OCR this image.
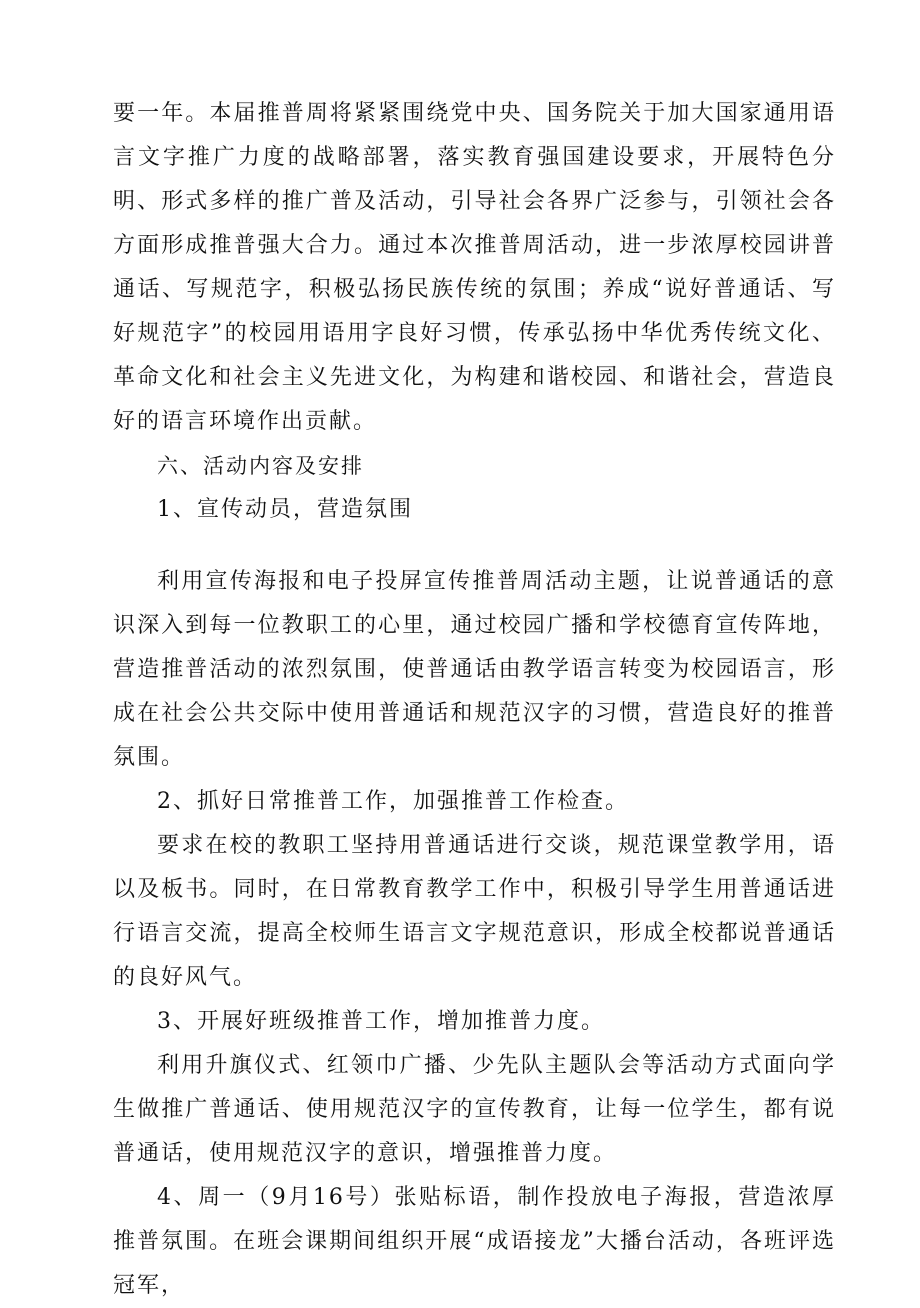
要一年。本届推普周将紧紧围绕党中央、国务院关于加大国家通用语言文字推广力度的战略部署，落实教育强国建设要求，开展特色分明、形式多样的推广普及活动，引导社会各界广泛参与，引领社会各方面形成推普强大合力。通过本次推普周活动，进一步浓厚校园讲普通话、写规范字，积极弘扬民族传统的氛围；养成“说好普通话、写好规范字”的校园用语用字良好习惯，传承弘扬中华优秀传统文化、革命文化和社会主义先进文化，为构建和谐校园、和谐社会，营造良好的语言环境作出贡献。

六、活动内容及安排

1、宣传动员，营造氛围

利用宣传海报和电子投屏宣传推普周活动主题，让说普通话的意识深入到每一位教职工的心里，通过校园广播和学校德育宣传阵地，营造推普活动的浓烈氛围，使普通话由教学语言转变为校园语言，形成在社会公共交际中使用普通话和规范汉字的习惯，营造良好的推普氛围。

2、抓好日常推普工作，加强推普工作检查。

要求在校的教职工坚持用普通话进行交谈，规范课堂教学用，语以及板书。同时，在日常教育教学工作中，积极引导学生用普通话进行语言交流，提高全校师生语言文字规范意识，形成全校都说普通话的良好风气。

3、开展好班级推普工作，增加推普力度。

利用升旗仪式、红领巾广播、少先队主题队会等活动方式面向学生做推广普通话、使用规范汉字的宣传教育，让每一位学生，都有说普通话，使用规范汉字的意识，增强推普力度。

4、周一（9月16号）张贴标语，制作投放电子海报，营造浓厚推普氛围。在班会课期间组织开展“成语接龙”大播台活动，各班评选冠军，
